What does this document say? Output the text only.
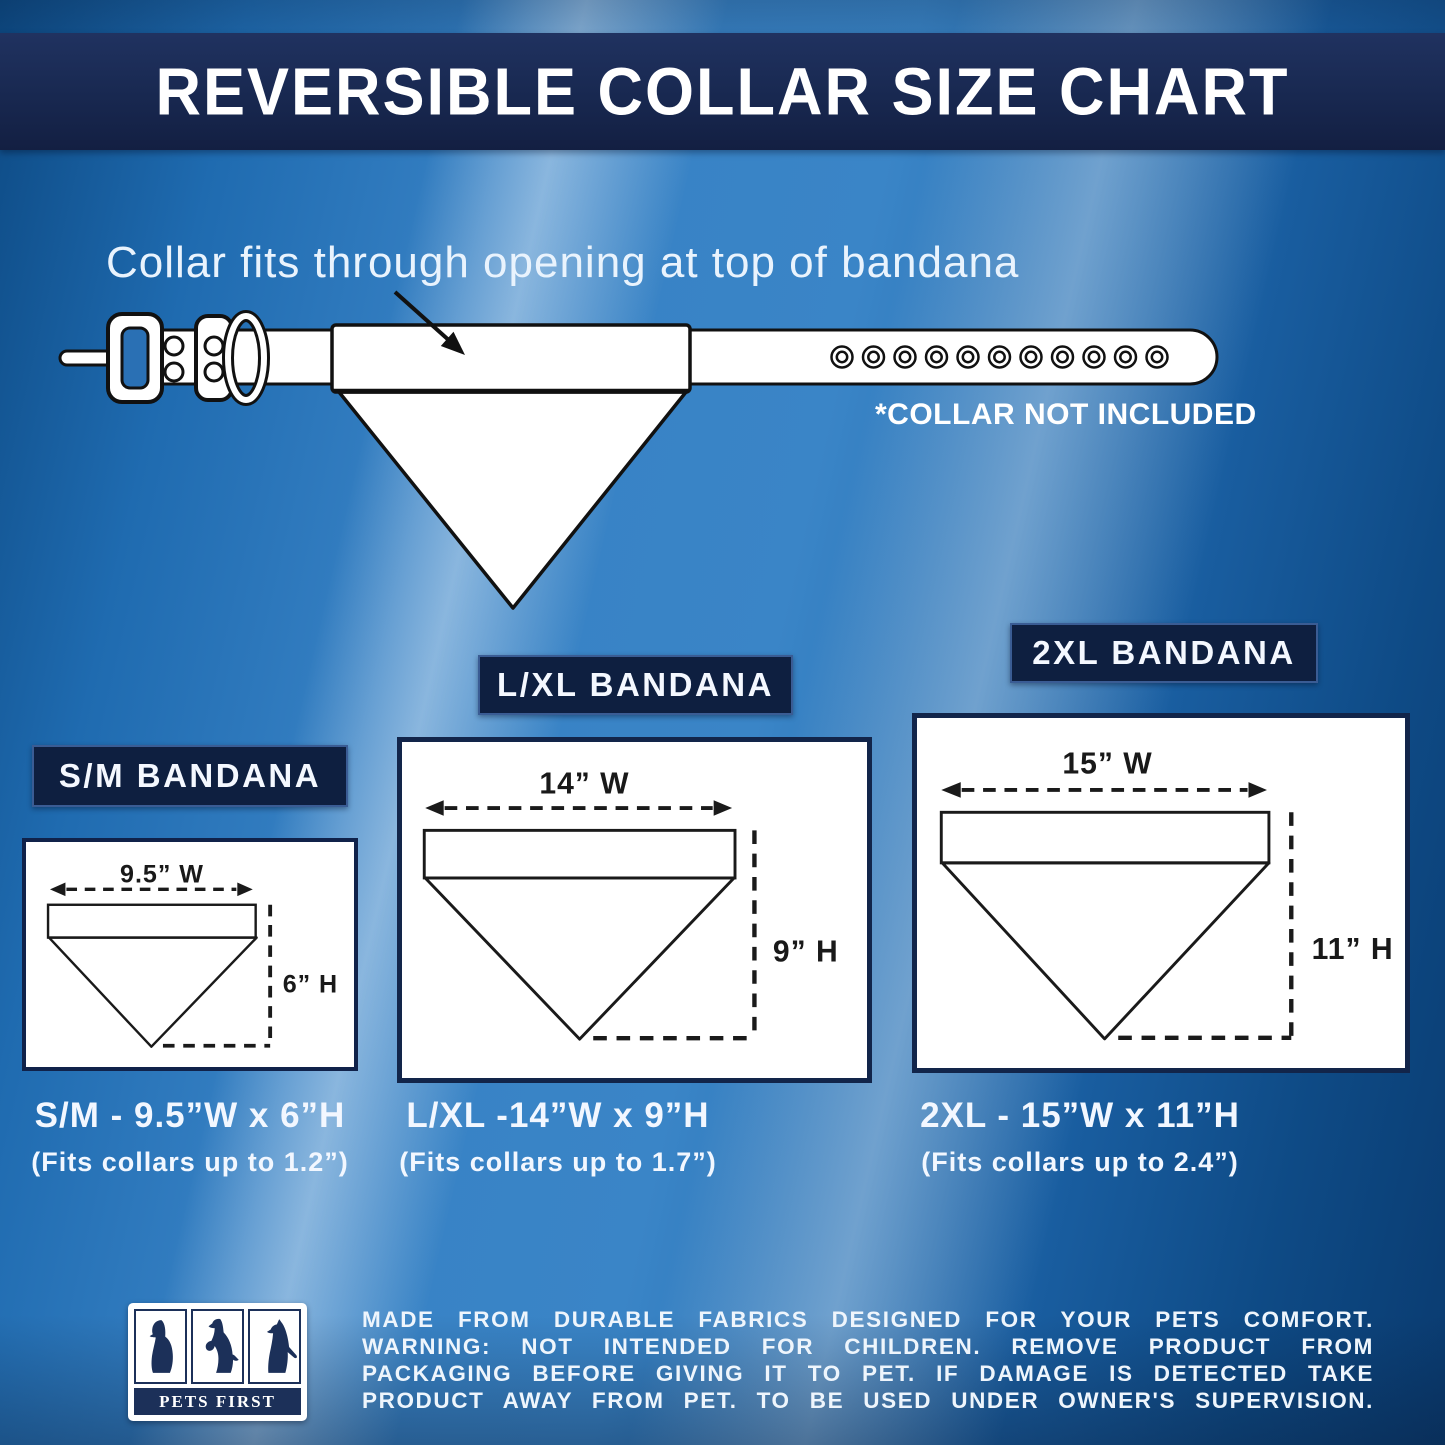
REVERSIBLE COLLAR SIZE CHART
Collar fits through opening at top of bandana
*COLLAR NOT INCLUDED
S/M BANDANA
9.5” W
6” H
L/XL BANDANA
14” W
9” H
2XL BANDANA
15” W
11” H
S/M - 9.5”W x 6”H
(Fits collars up to 1.2”)
L/XL -14”W x 9”H
(Fits collars up to 1.7”)
2XL - 15”W x 11”H
(Fits collars up to 2.4”)
PETS FIRST
MADE FROM DURABLE FABRICS DESIGNED FOR YOUR PETS COMFORT.
WARNING: NOT INTENDED FOR CHILDREN. REMOVE PRODUCT FROM
PACKAGING BEFORE GIVING IT TO PET. IF DAMAGE IS DETECTED TAKE
PRODUCT AWAY FROM PET. TO BE USED UNDER OWNER'S SUPERVISION.
